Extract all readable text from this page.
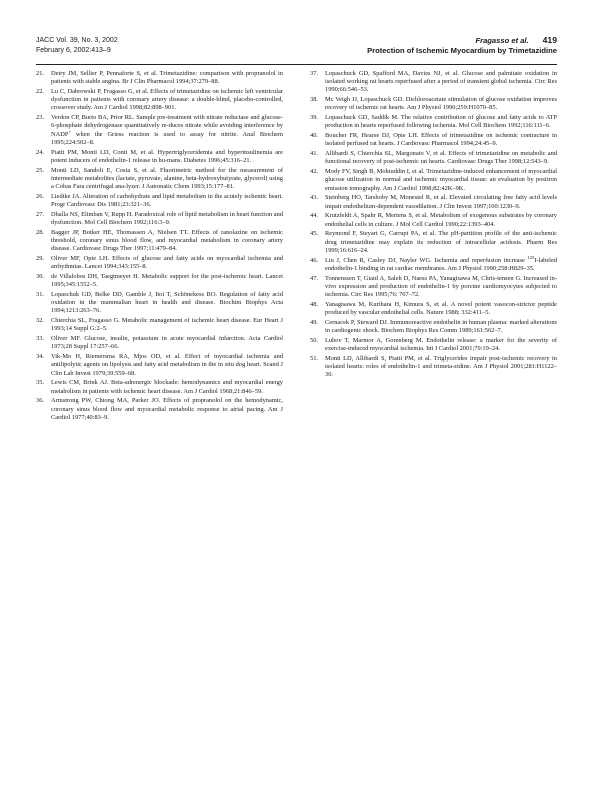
JACC Vol. 39, No. 3, 2002
February 6, 2002:413–9
Fragasso et al. 419
Protection of Ischemic Myocardium by Trimetazidine
21.	Detry JM, Sellier P, Pennaforte S, et al. Trimetazidine: comparison with propranolol in patients with stable angina. Br J Clin Pharmacol 1994;37:279–88.
22.	Lu C, Dabrowski P, Fragasso G, et al. Effects of trimetazidine on ischemic left ventricular dysfunction in patients with coronary artery disease: a double-blind, placebo-controlled, crossover study. Am J Cardiol 1998;82:898–901.
23.	Verdon CP, Burto BA, Prior RL. Sample pre-treatment with nitrate reductase and glucose-6-phosphate dehydrogenase quantitatively re-duces nitrate while avoiding interference by NADP+ when the Griess reaction is used to assay for nitrite. Anal Biochem 1995;224:502–8.
24.	Piatti PM, Monti LD, Conti M, et al. Hypertriglyceridemia and hyperinsulinemia are potent inducers of endothelin-1 release in hu-mans. Diabetes 1996;45:316–21.
25.	Monti LD, Sandoli E, Costa S, et al. Fluorimetric method for the measurement of intermediate metabolites (lactate, pyruvate, alanine, beta-hydroxybutyrate, glycerol) using a Cobas Fara centrifugal ana-lyzer. J Automatic Chem 1993;15:177–81.
26.	Liedtke JA. Alteration of carbohydrate and lipid metabolism in the acutely ischemic heart. Progr Cardiovasc Dis 1981;23:321–36.
27.	Dhalla NS, Elimban V, Rupp H. Paradoxical role of lipid metabolism in heart function and dysfunction. Mol Cell Biochem 1992;116:3–9.
28.	Bagger JP, Botker HE, Thomassen A, Nielsen TT. Effects of ranolazine on ischemic threshold, coronary sinus blood flow, and myocardial metabolism in coronary artery disease. Cardiovasc Drugs Ther 1997;11:479–84.
29.	Oliver MF, Opie LH. Effects of glucose and fatty acids on myocardial ischemia and arrhythmias. Lancet 1994;343:155–8.
30.	de Villalobos DH, Taegtmeyer H. Metabolic support for the post-ischemic heart. Lancet 1995;345:1552–5.
31.	Lopaschuk GD, Belke DD, Gamble J, Itoi T, Schönekess BO. Regulation of fatty acid oxidation in the mammalian heart in health and disease. Biochim Biophys Acta 1994;1213:263–76.
32.	Chierchia SL, Fragasso G. Metabolic management of ischemic heart disease. Eur Heart J 1993;14 Suppl G:2–5.
33.	Oliver MF. Glucose, insulin, potassium in acute myocardial infarction. Acta Cardiol 1973;28 Suppl 17:257–66.
34.	Vik-Mo H, Riemersma RA, Mjos OD, et al. Effect of myocardial ischemia and antilipolytic agents on lipolysis and fatty acid metabolism in the in situ dog heart. Scand J Clin Lab Invest 1979;39:559–68.
35.	Lewis CM, Brink AJ. Beta-adrenergic blockade: hemodynamics and myocardial energy metabolism in patients with ischemic heart disease. Am J Cardiol 1968;21:846–59.
36.	Armstrong PW, Chiong MA, Parker JO. Effects of propranolol on the hemodynamic, coronary sinus blood flow and myocardial metabolic response to atrial pacing. Am J Cardiol 1977;40:83–9.
37.	Lopaschuck GD, Spafford MA, Davies NJ, et al. Glucose and palmitate oxidation in isolated working rat hearts reperfused after a period of transient global ischemia. Circ Res 1990;66:546–53.
38.	Mc Veigh JJ, Lopaschuck GD. Dichloroacetate stimulation of glucose oxidation improves recovery of ischemic rat hearts. Am J Physiol 1990;259:H1070–85.
39.	Lopaschuck GD, Saddik M. The relative contribution of glucose and fatty acids to ATP production in hearts reperfused following ischemia. Mol Cell Biochem 1992;116:111–6.
40.	Boucher FR, Hearse DJ, Opie LH. Effects of trimetazidine on ischemic contracture in isolated perfused rat hearts. J Cardiovasc Pharmacol 1994;24:45–9.
41.	Allibardi S, Chierchia SL, Margonato V, et al. Effects of trimetazidine on metabolic and functional recovery of post-ischemic rat hearts. Cardiovasc Drugs Ther 1998;12:543–9.
42.	Mody FV, Singh B, Mohiuddin I, et al. Trimetazidine-induced enhancement of myocardial glucose utilization in normal and ischemic myocardial tissue: an evaluation by positron emission tomography. Am J Cardiol 1998;82:42K–9K.
43.	Steinberg HO, Tarshoby M, Monestel R, et al. Elevated circulating free fatty acid levels impair endothelium-dependent vasodilation. J Clin Invest 1997;100:1230–9.
44.	Krutzfeldt A, Spahr R, Mertens S, et al. Metabolism of exogenous substrates by coronary endothelial cells in culture. J Mol Cell Cardiol 1990;22:1393–404.
45.	Reymond F, Steyart G, Carrupt PA, et al. The pH-partition profile of the anti-ischemic drug trimetazidine may explain its reduction of intracellular acidosis. Pharm Res 1999;16:616–24.
46.	Liu J, Chen R, Casley DJ, Nayler WG. Ischemia and reperfusion increase $^{125}$I-labeled endothelin-1 binding in rat cardiac membranes. Am J Physiol 1990;258:H829–35.
47.	Tonnenssen T, Giaid A, Saleh D, Naess PA, Yanagisawa M, Chris-tensen G. Increased in-vivo expression and production of endothelin-1 by porcine cardiomyocytes subjected to ischemia. Circ Res 1995;76: 767–72.
48.	Yanagisawa M, Kurihara H, Kimura S, et al. A novel potent vasocon-strictor peptide produced by vascular endothelial cells. Nature 1988; 332:411–5.
49.	Cernacek P, Steward DJ. Immunoreactive endothelin in human plasma: marked alterations in cardiogenic shock. Biochem Biophys Res Comm 1989;161:562–7.
50.	Lubov T, Marmor A, Gorenberg M. Endothelin release: a marker for the severity of exercise-induced myocardial ischemia. Int J Cardiol 2001;79:19–24.
51.	Monti LD, Allibardi S, Piatti PM, et al. Triglycerides impair post-ischemic recovery in isolated hearts: roles of endothelin-1 and trimeta-zidine. Am J Physiol 2001;281:H1122–30.
